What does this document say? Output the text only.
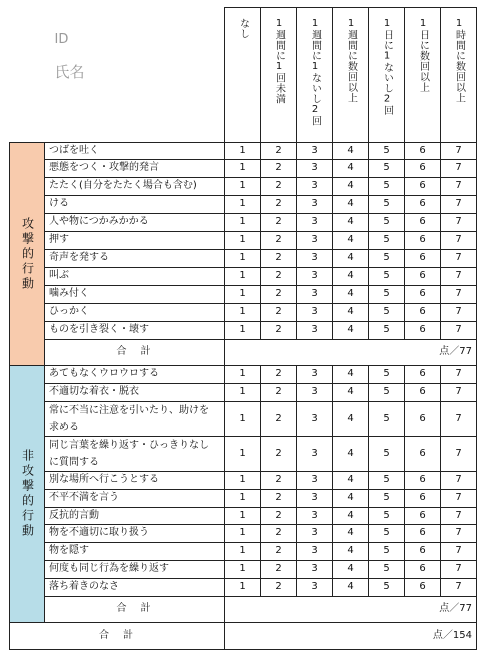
ID
氏名		なし	1週間に1回未満	1週間に1ないし2回	1週間に数回以上	1日に1ないし2回	1日に数回以上	1時間に数回以上

攻撃的行動	つばを吐く	1	2	3	4	5	6	7
	悪態をつく・攻撃的発言	1	2	3	4	5	6	7
	たたく(自分をたたく場合も含む)	1	2	3	4	5	6	7
	ける	1	2	3	4	5	6	7
	人や物につかみかかる	1	2	3	4	5	6	7
	押す	1	2	3	4	5	6	7
	奇声を発する	1	2	3	4	5	6	7
	叫ぶ	1	2	3	4	5	6	7
	噛み付く	1	2	3	4	5	6	7
	ひっかく	1	2	3	4	5	6	7
	ものを引き裂く・壊す	1	2	3	4	5	6	7
	合　計	点／77						

非攻撃的行動	あてもなくウロウロする	1	2	3	4	5	6	7
	不適切な着衣・脱衣	1	2	3	4	5	6	7
	常に不当に注意を引いたり、助けを求める	1	2	3	4	5	6	7
	同じ言葉を繰り返す・ひっきりなしに質問する	1	2	3	4	5	6	7
	別な場所へ行こうとする	1	2	3	4	5	6	7
	不平不満を言う	1	2	3	4	5	6	7
	反抗的言動	1	2	3	4	5	6	7
	物を不適切に取り扱う	1	2	3	4	5	6	7
	物を隠す	1	2	3	4	5	6	7
	何度も同じ行為を繰り返す	1	2	3	4	5	6	7
	落ち着きのなさ	1	2	3	4	5	6	7
	合　計	点／77						
合　計		点／154						
